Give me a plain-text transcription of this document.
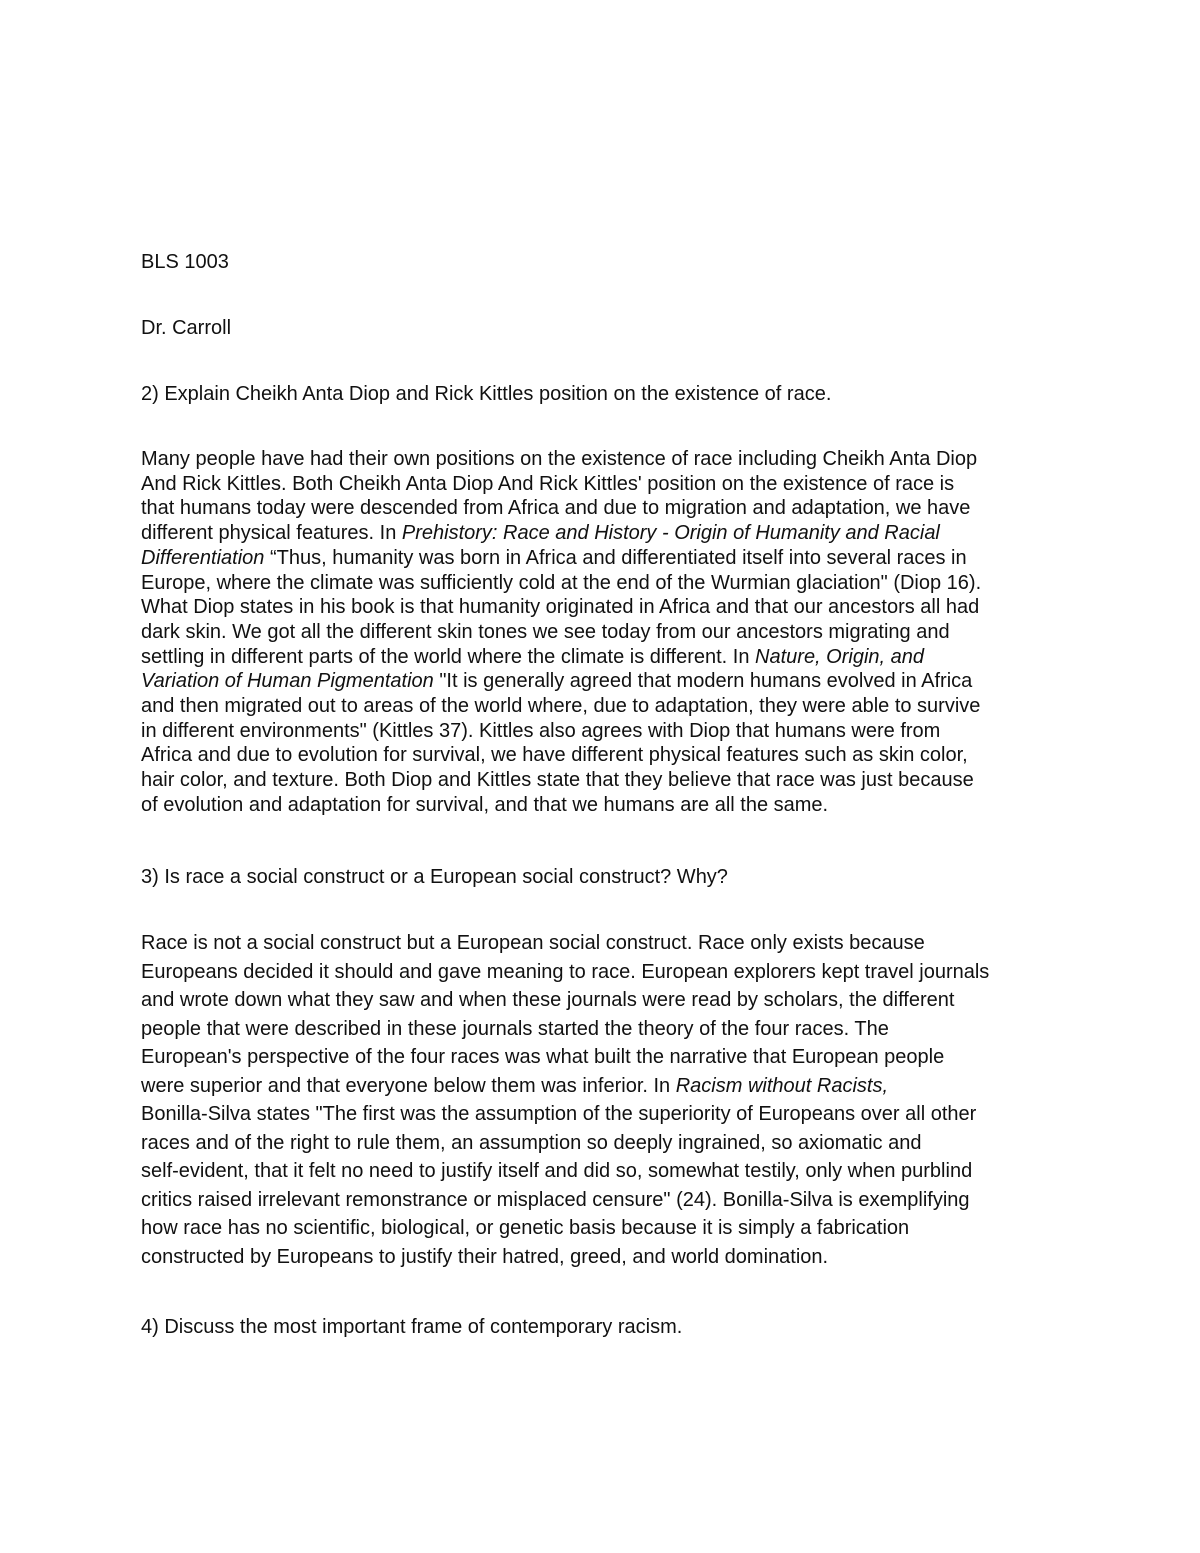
BLS 1003

Dr. Carroll

2) Explain Cheikh Anta Diop and Rick Kittles position on the existence of race.

Many people have had their own positions on the existence of race including Cheikh Anta Diop
And Rick Kittles. Both Cheikh Anta Diop And Rick Kittles' position on the existence of race is
that humans today were descended from Africa and due to migration and adaptation, we have
different physical features. In Prehistory: Race and History - Origin of Humanity and Racial
Differentiation “Thus, humanity was born in Africa and differentiated itself into several races in
Europe, where the climate was sufficiently cold at the end of the Wurmian glaciation" (Diop 16).
What Diop states in his book is that humanity originated in Africa and that our ancestors all had
dark skin. We got all the different skin tones we see today from our ancestors migrating and
settling in different parts of the world where the climate is different. In Nature, Origin, and
Variation of Human Pigmentation "It is generally agreed that modern humans evolved in Africa
and then migrated out to areas of the world where, due to adaptation, they were able to survive
in different environments" (Kittles 37). Kittles also agrees with Diop that humans were from
Africa and due to evolution for survival, we have different physical features such as skin color,
hair color, and texture. Both Diop and Kittles state that they believe that race was just because
of evolution and adaptation for survival, and that we humans are all the same.

3) Is race a social construct or a European social construct? Why?

Race is not a social construct but a European social construct. Race only exists because
Europeans decided it should and gave meaning to race. European explorers kept travel journals
and wrote down what they saw and when these journals were read by scholars, the different
people that were described in these journals started the theory of the four races. The
European's perspective of the four races was what built the narrative that European people
were superior and that everyone below them was inferior. In Racism without Racists,
Bonilla-Silva states "The first was the assumption of the superiority of Europeans over all other
races and of the right to rule them, an assumption so deeply ingrained, so axiomatic and
self-evident, that it felt no need to justify itself and did so, somewhat testily, only when purblind
critics raised irrelevant remonstrance or misplaced censure" (24). Bonilla-Silva is exemplifying
how race has no scientific, biological, or genetic basis because it is simply a fabrication
constructed by Europeans to justify their hatred, greed, and world domination.

4) Discuss the most important frame of contemporary racism.
